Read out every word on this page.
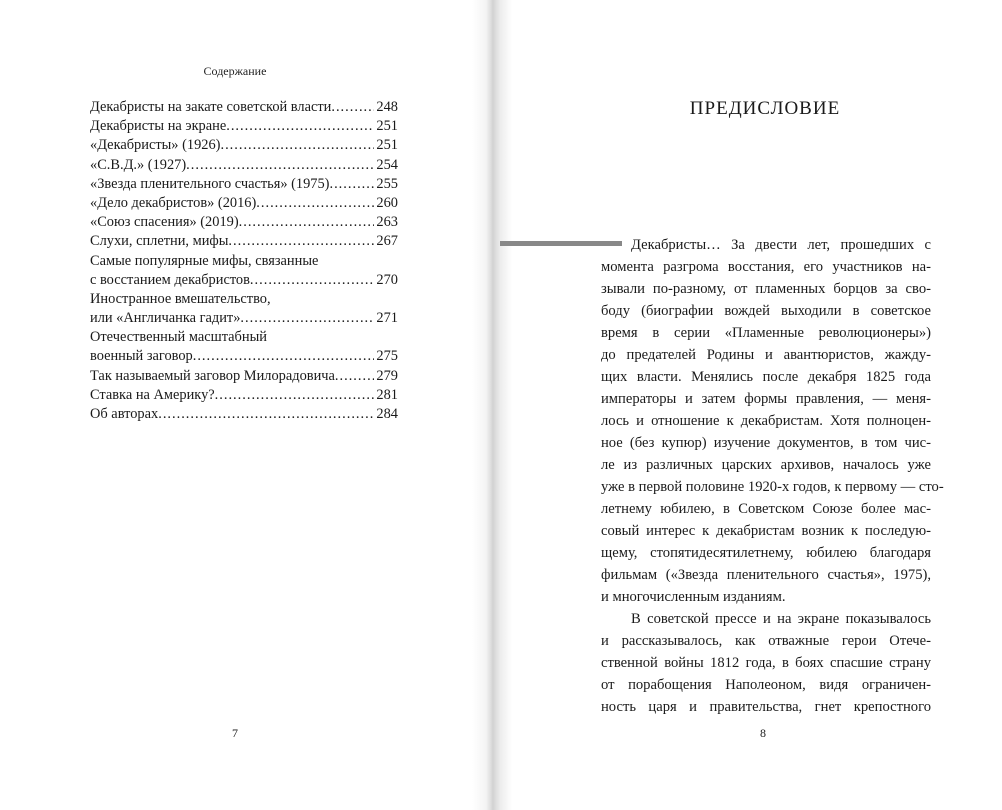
Содержание
Декабристы на закате советской власти .....	248
Декабристы на экране .....	251
«Декабристы» (1926) .....	251
«С.В.Д.» (1927) .....	254
«Звезда пленительного счастья» (1975) .....	255
«Дело декабристов» (2016) .....	260
«Союз спасения» (2019) .....	263
Слухи, сплетни, мифы .....	267
Самые популярные мифы, связанные
с восстанием декабристов .....	270
Иностранное вмешательство,
или «Англичанка гадит» .....	271
Отечественный масштабный
военный заговор .....	275
Так называемый заговор Милорадовича .....	279
Ставка на Америку? .....	281
Об авторах .....	284
7
ПРЕДИСЛОВИЕ
Декабристы… За двести лет, прошедших с
момента разгрома восстания, его участников на-
зывали по-разному, от пламенных борцов за сво-
боду (биографии вождей выходили в советское
время в серии «Пламенные революционеры»)
до предателей Родины и авантюристов, жажду-
щих власти. Менялись после декабря 1825 года
императоры и затем формы правления, — меня-
лось и отношение к декабристам. Хотя полноцен-
ное (без купюр) изучение документов, в том чис-
ле из различных царских архивов, началось уже
уже в первой половине 1920-х годов, к первому — сто-
летнему юбилею, в Советском Союзе более мас-
совый интерес к декабристам возник к последую-
щему, стопятидесятилетнему, юбилею благодаря
фильмам («Звезда пленительного счастья», 1975),
и многочисленным изданиям.
В советской прессе и на экране показывалось
и рассказывалось, как отважные герои Отече-
ственной войны 1812 года, в боях спасшие страну
от порабощения Наполеоном, видя ограничен-
ность царя и правительства, гнет крепостного
8
